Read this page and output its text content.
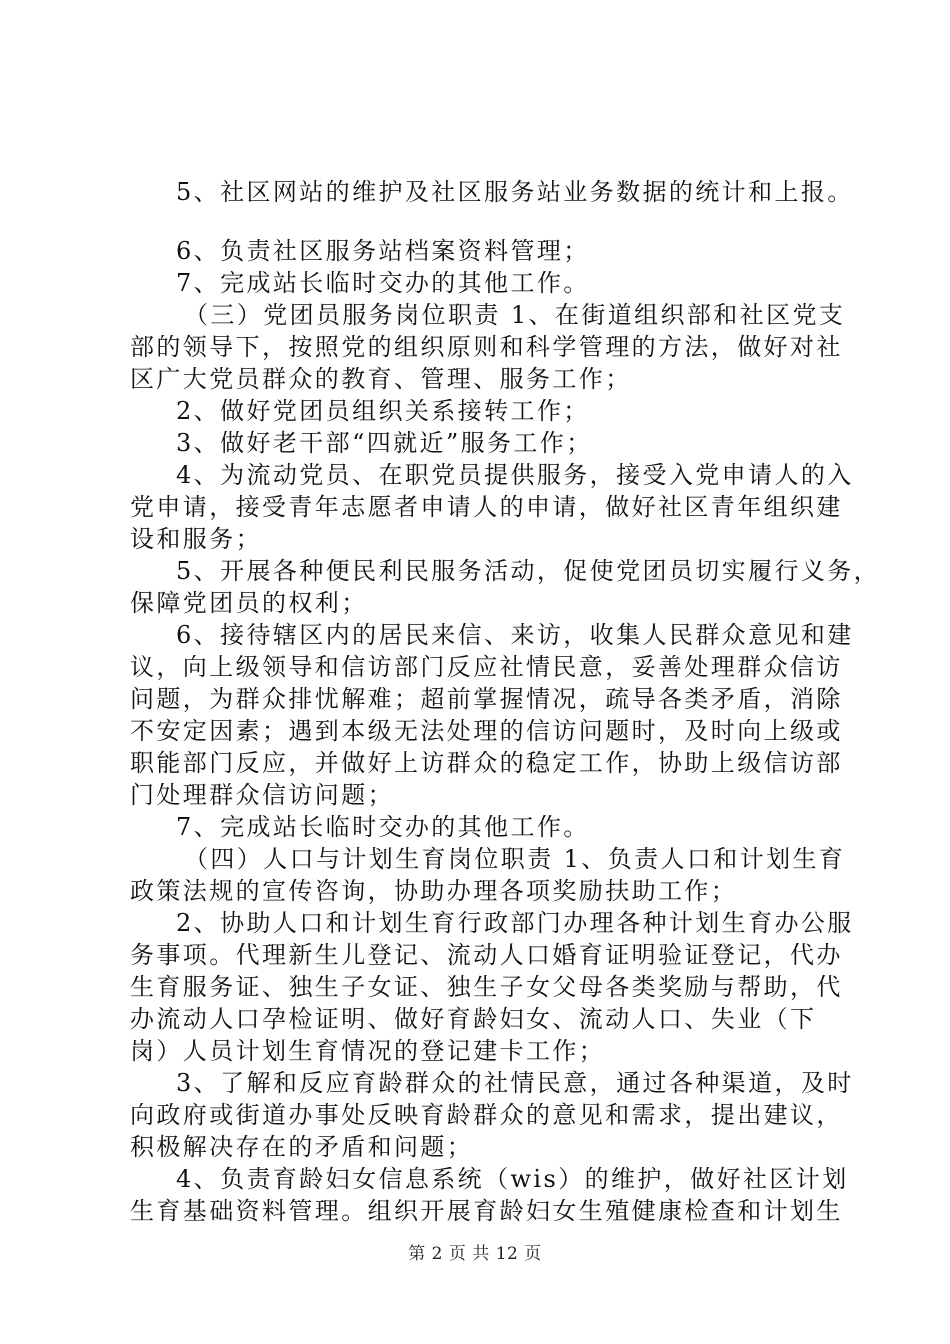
5、社区网站的维护及社区服务站业务数据的统计和上报。
6、负责社区服务站档案资料管理；
7、完成站长临时交办的其他工作。
（三）党团员服务岗位职责 1、在街道组织部和社区党支
部的领导下，按照党的组织原则和科学管理的方法，做好对社
区广大党员群众的教育、管理、服务工作；
2、做好党团员组织关系接转工作；
3、做好老干部“四就近”服务工作；
4、为流动党员、在职党员提供服务，接受入党申请人的入
党申请，接受青年志愿者申请人的申请，做好社区青年组织建
设和服务；
5、开展各种便民利民服务活动，促使党团员切实履行义务，
保障党团员的权利；
6、接待辖区内的居民来信、来访，收集人民群众意见和建
议，向上级领导和信访部门反应社情民意，妥善处理群众信访
问题，为群众排忧解难；超前掌握情况，疏导各类矛盾，消除
不安定因素；遇到本级无法处理的信访问题时，及时向上级或
职能部门反应，并做好上访群众的稳定工作，协助上级信访部
门处理群众信访问题；
7、完成站长临时交办的其他工作。
（四）人口与计划生育岗位职责 1、负责人口和计划生育
政策法规的宣传咨询，协助办理各项奖励扶助工作；
2、协助人口和计划生育行政部门办理各种计划生育办公服
务事项。代理新生儿登记、流动人口婚育证明验证登记，代办
生育服务证、独生子女证、独生子女父母各类奖励与帮助，代
办流动人口孕检证明、做好育龄妇女、流动人口、失业（下
岗）人员计划生育情况的登记建卡工作；
3、了解和反应育龄群众的社情民意，通过各种渠道，及时
向政府或街道办事处反映育龄群众的意见和需求，提出建议，
积极解决存在的矛盾和问题；
4、负责育龄妇女信息系统（wis）的维护，做好社区计划
生育基础资料管理。组织开展育龄妇女生殖健康检查和计划生
第 2 页 共 12 页
